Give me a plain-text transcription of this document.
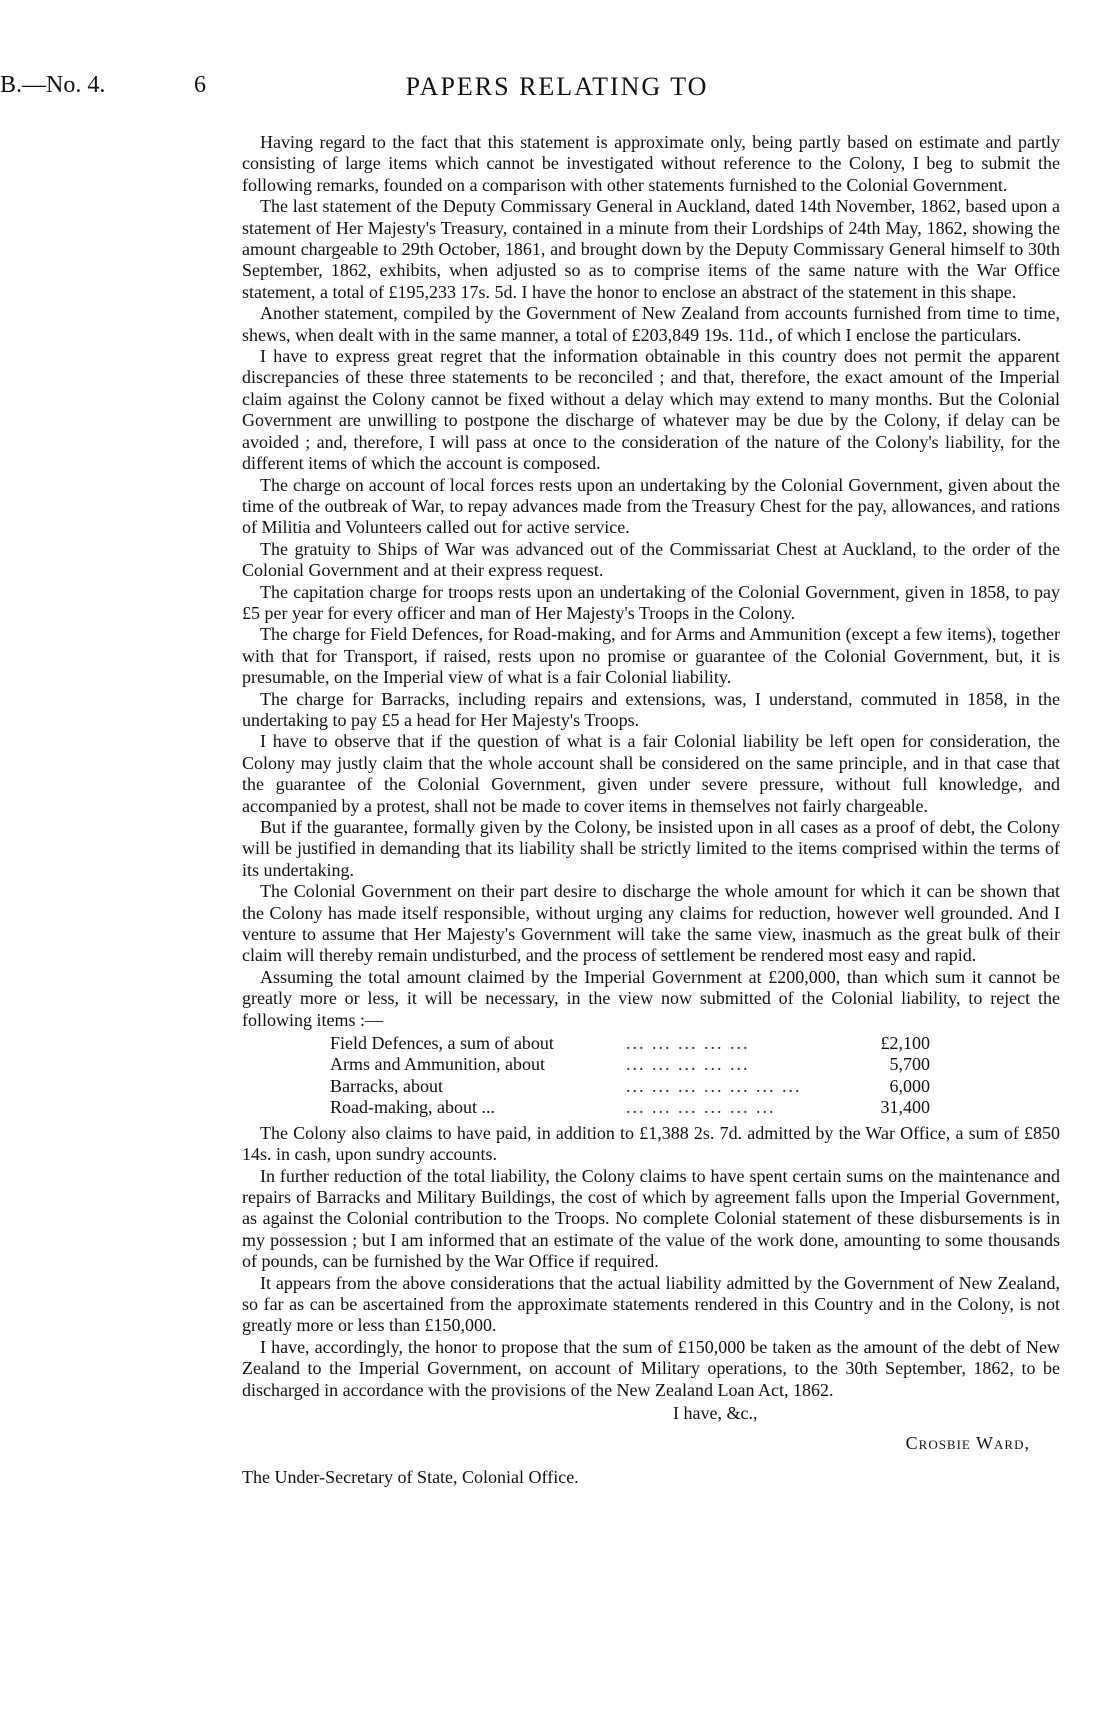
B.—No. 4.	6	PAPERS RELATING TO

Having regard to the fact that this statement is approximate only, being partly based on estimate and partly consisting of large items which cannot be investigated without reference to the Colony, I beg to submit the following remarks, founded on a comparison with other statements furnished to the Colonial Government.

The last statement of the Deputy Commissary General in Auckland, dated 14th November, 1862, based upon a statement of Her Majesty's Treasury, contained in a minute from their Lordships of 24th May, 1862, showing the amount chargeable to 29th October, 1861, and brought down by the Deputy Commissary General himself to 30th September, 1862, exhibits, when adjusted so as to comprise items of the same nature with the War Office statement, a total of £195,233 17s. 5d. I have the honor to enclose an abstract of the statement in this shape.

Another statement, compiled by the Government of New Zealand from accounts furnished from time to time, shews, when dealt with in the same manner, a total of £203,849 19s. 11d., of which I enclose the particulars.

I have to express great regret that the information obtainable in this country does not permit the apparent discrepancies of these three statements to be reconciled ; and that, therefore, the exact amount of the Imperial claim against the Colony cannot be fixed without a delay which may extend to many months. But the Colonial Government are unwilling to postpone the discharge of whatever may be due by the Colony, if delay can be avoided ; and, therefore, I will pass at once to the consideration of the nature of the Colony's liability, for the different items of which the account is composed.

The charge on account of local forces rests upon an undertaking by the Colonial Government, given about the time of the outbreak of War, to repay advances made from the Treasury Chest for the pay, allowances, and rations of Militia and Volunteers called out for active service.

The gratuity to Ships of War was advanced out of the Commissariat Chest at Auckland, to the order of the Colonial Government and at their express request.

The capitation charge for troops rests upon an undertaking of the Colonial Government, given in 1858, to pay £5 per year for every officer and man of Her Majesty's Troops in the Colony.

The charge for Field Defences, for Road-making, and for Arms and Ammunition (except a few items), together with that for Transport, if raised, rests upon no promise or guarantee of the Colonial Government, but, it is presumable, on the Imperial view of what is a fair Colonial liability.

The charge for Barracks, including repairs and extensions, was, I understand, commuted in 1858, in the undertaking to pay £5 a head for Her Majesty's Troops.

I have to observe that if the question of what is a fair Colonial liability be left open for consideration, the Colony may justly claim that the whole account shall be considered on the same principle, and in that case that the guarantee of the Colonial Government, given under severe pressure, without full knowledge, and accompanied by a protest, shall not be made to cover items in themselves not fairly chargeable.

But if the guarantee, formally given by the Colony, be insisted upon in all cases as a proof of debt, the Colony will be justified in demanding that its liability shall be strictly limited to the items comprised within the terms of its undertaking.

The Colonial Government on their part desire to discharge the whole amount for which it can be shown that the Colony has made itself responsible, without urging any claims for reduction, however well grounded. And I venture to assume that Her Majesty's Government will take the same view, inasmuch as the great bulk of their claim will thereby remain undisturbed, and the process of settlement be rendered most easy and rapid.

Assuming the total amount claimed by the Imperial Government at £200,000, than which sum it cannot be greatly more or less, it will be necessary, in the view now submitted of the Colonial liability, to reject the following items :—

Field Defences, a sum of about	... ... ... ... ...	£2,100
Arms and Ammunition, about	... ... ... ... ...	5,700
Barracks, about	... ... ... ... ... ... ...	6,000
Road-making, about ...	... ... ... ... ... ...	31,400

The Colony also claims to have paid, in addition to £1,388 2s. 7d. admitted by the War Office, a sum of £850 14s. in cash, upon sundry accounts.

In further reduction of the total liability, the Colony claims to have spent certain sums on the maintenance and repairs of Barracks and Military Buildings, the cost of which by agreement falls upon the Imperial Government, as against the Colonial contribution to the Troops. No complete Colonial statement of these disbursements is in my possession ; but I am informed that an estimate of the value of the work done, amounting to some thousands of pounds, can be furnished by the War Office if required.

It appears from the above considerations that the actual liability admitted by the Government of New Zealand, so far as can be ascertained from the approximate statements rendered in this Country and in the Colony, is not greatly more or less than £150,000.

I have, accordingly, the honor to propose that the sum of £150,000 be taken as the amount of the debt of New Zealand to the Imperial Government, on account of Military operations, to the 30th September, 1862, to be discharged in accordance with the provisions of the New Zealand Loan Act, 1862.

I have, &c.,
Crosbie Ward,
The Under-Secretary of State, Colonial Office.
